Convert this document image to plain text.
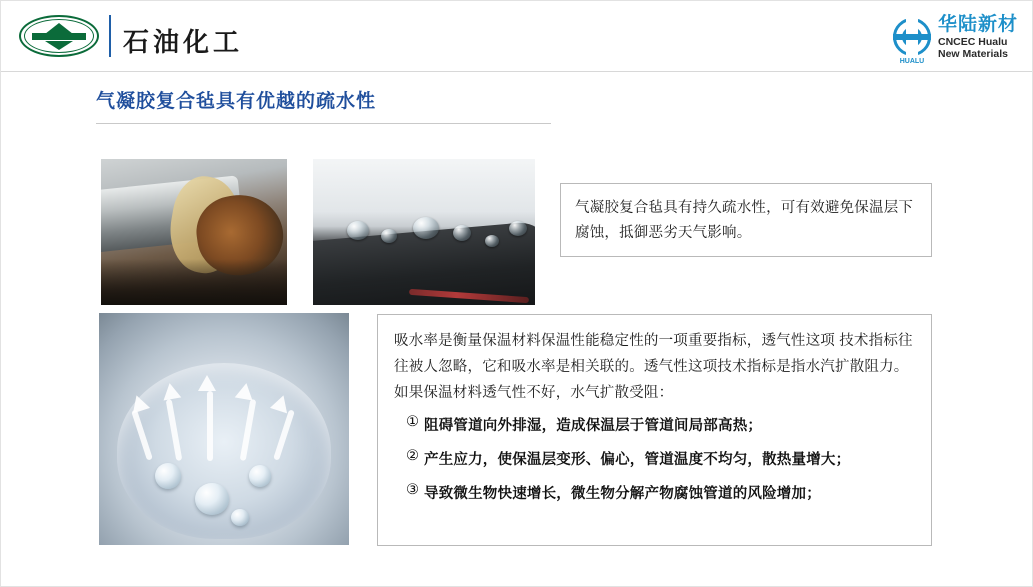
石油化工
HUALU
华陆新材
CNCEC Hualu
New Materials
气凝胶复合毡具有优越的疏水性

气凝胶复合毡具有持久疏水性，可有效避免保温层下腐蚀，抵御恶劣天气影响。

吸水率是衡量保温材料保温性能稳定性的一项重要指标，透气性这项 技术指标往往被人忽略，它和吸水率是相关联的。透气性这项技术指标是指水汽扩散阻力。如果保温材料透气性不好，水气扩散受阻：

① 阻碍管道向外排湿，造成保温层于管道间局部高热；
② 产生应力，使保温层变形、偏心，管道温度不均匀，散热量增大；
③ 导致微生物快速增长，微生物分解产物腐蚀管道的风险增加；
